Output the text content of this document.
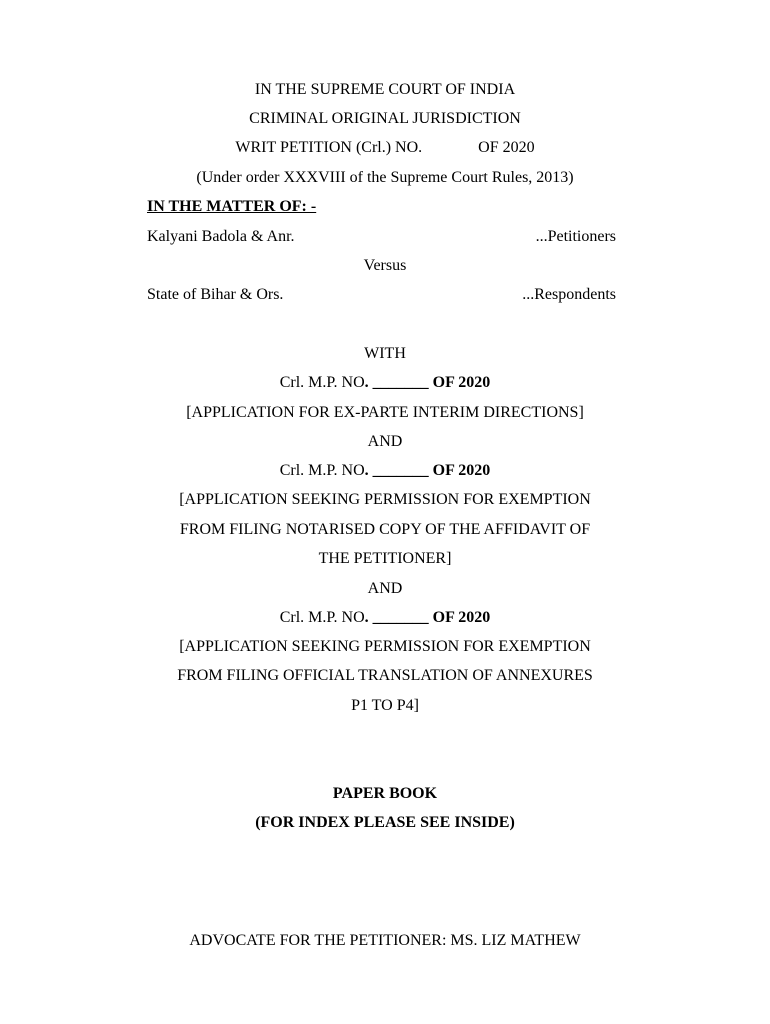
IN THE SUPREME COURT OF INDIA
CRIMINAL ORIGINAL JURISDICTION
WRIT PETITION (Crl.) NO.	OF 2020
(Under order XXXVIII of the Supreme Court Rules, 2013)
IN THE MATTER OF: -
Kalyani Badola & Anr.	...Petitioners
Versus
State of Bihar & Ors.	...Respondents
WITH
Crl. M.P. NO. _______ OF 2020
[APPLICATION FOR EX-PARTE INTERIM DIRECTIONS]
AND
Crl. M.P. NO. _______ OF 2020
[APPLICATION SEEKING PERMISSION FOR EXEMPTION
FROM FILING NOTARISED COPY OF THE AFFIDAVIT OF
THE PETITIONER]
AND
Crl. M.P. NO. _______ OF 2020
[APPLICATION SEEKING PERMISSION FOR EXEMPTION
FROM FILING OFFICIAL TRANSLATION OF ANNEXURES
P1 TO P4]
PAPER BOOK
(FOR INDEX PLEASE SEE INSIDE)
ADVOCATE FOR THE PETITIONER: MS. LIZ MATHEW
